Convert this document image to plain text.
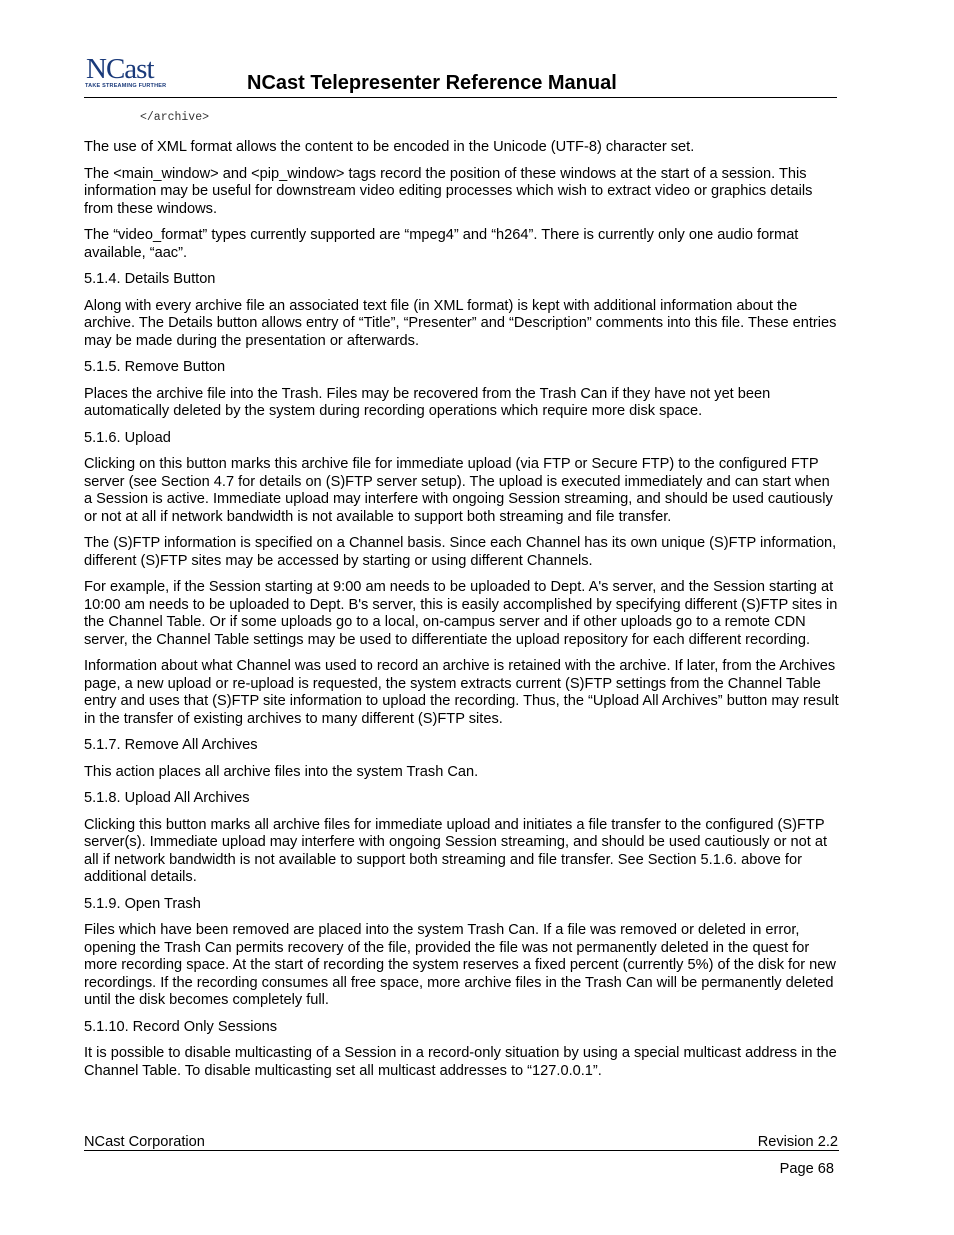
NCast
TAKE STREAMING FURTHER	NCast Telepresenter Reference Manual
</archive>

The use of XML format allows the content to be encoded in the Unicode (UTF-8) character set.

The <main_window> and <pip_window> tags record the position of these windows at the start of a session. This information may be useful for downstream video editing processes which wish to extract video or graphics details from these windows.

The “video_format” types currently supported are “mpeg4” and “h264”. There is currently only one audio format available, “aac”.

5.1.4. Details Button

Along with every archive file an associated text file (in XML format) is kept with additional information about the archive. The Details button allows entry of “Title”, “Presenter” and “Description” comments into this file. These entries may be made during the presentation or afterwards.

5.1.5. Remove Button

Places the archive file into the Trash. Files may be recovered from the Trash Can if they have not yet been automatically deleted by the system during recording operations which require more disk space.

5.1.6. Upload

Clicking on this button marks this archive file for immediate upload (via FTP or Secure FTP) to the configured FTP server (see Section 4.7 for details on (S)FTP server setup). The upload is executed immediately and can start when a Session is active. Immediate upload may interfere with ongoing Session streaming, and should be used cautiously or not at all if network bandwidth is not available to support both streaming and file transfer.

The (S)FTP information is specified on a Channel basis. Since each Channel has its own unique (S)FTP information, different (S)FTP sites may be accessed by starting or using different Channels.

For example, if the Session starting at 9:00 am needs to be uploaded to Dept. A's server, and the Session starting at 10:00 am needs to be uploaded to Dept. B's server, this is easily accomplished by specifying different (S)FTP sites in the Channel Table. Or if some uploads go to a local, on-campus server and if other uploads go to a remote CDN server, the Channel Table settings may be used to differentiate the upload repository for each different recording.

Information about what Channel was used to record an archive is retained with the archive. If later, from the Archives page, a new upload or re-upload is requested, the system extracts current (S)FTP settings from the Channel Table entry and uses that (S)FTP site information to upload the recording. Thus, the “Upload All Archives” button may result in the transfer of existing archives to many different (S)FTP sites.

5.1.7. Remove All Archives

This action places all archive files into the system Trash Can.

5.1.8. Upload All Archives

Clicking this button marks all archive files for immediate upload and initiates a file transfer to the configured (S)FTP server(s). Immediate upload may interfere with ongoing Session streaming, and should be used cautiously or not at all if network bandwidth is not available to support both streaming and file transfer. See Section 5.1.6. above for additional details.

5.1.9. Open Trash

Files which have been removed are placed into the system Trash Can. If a file was removed or deleted in error, opening the Trash Can permits recovery of the file, provided the file was not permanently deleted in the quest for more recording space. At the start of recording the system reserves a fixed percent (currently 5%) of the disk for new recordings. If the recording consumes all free space, more archive files in the Trash Can will be permanently deleted until the disk becomes completely full.

5.1.10. Record Only Sessions

It is possible to disable multicasting of a Session in a record-only situation by using a special multicast address in the Channel Table. To disable multicasting set all multicast addresses to “127.0.0.1”.

NCast Corporation	Revision 2.2
Page 68
